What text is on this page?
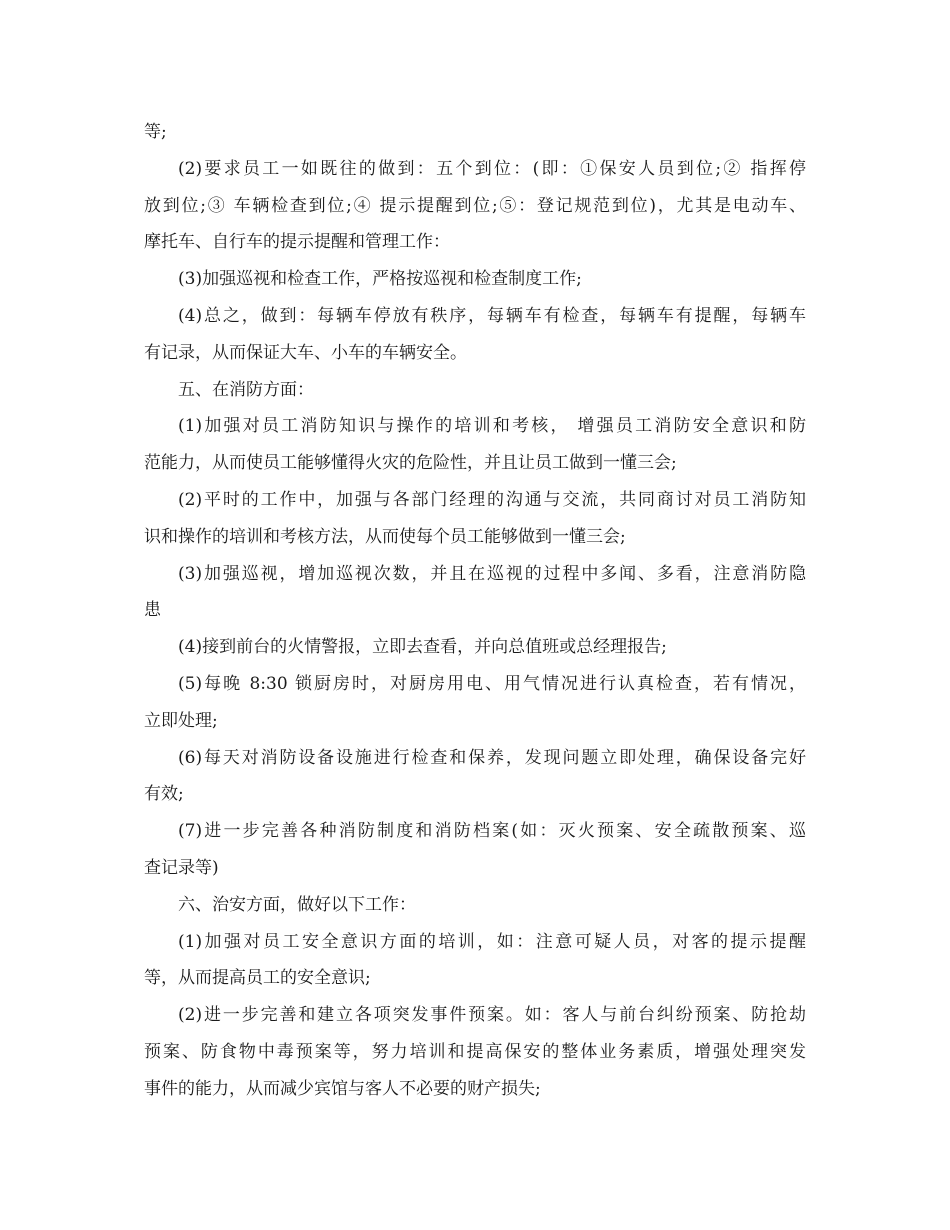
等;
(2)要求员工一如既往的做到：五个到位：(即：①保安人员到位;② 指挥停
放到位;③ 车辆检查到位;④ 提示提醒到位;⑤：登记规范到位)，尤其是电动车、
摩托车、自行车的提示提醒和管理工作：
(3)加强巡视和检查工作，严格按巡视和检查制度工作;
(4)总之，做到：每辆车停放有秩序，每辆车有检查，每辆车有提醒，每辆车
有记录，从而保证大车、小车的车辆安全。
五、在消防方面：
(1)加强对员工消防知识与操作的培训和考核， 增强员工消防安全意识和防
范能力，从而使员工能够懂得火灾的危险性，并且让员工做到一懂三会;
(2)平时的工作中，加强与各部门经理的沟通与交流，共同商讨对员工消防知
识和操作的培训和考核方法，从而使每个员工能够做到一懂三会;
(3)加强巡视，增加巡视次数，并且在巡视的过程中多闻、多看，注意消防隐
患
(4)接到前台的火情警报，立即去查看，并向总值班或总经理报告;
(5)每晚 8:30 锁厨房时，对厨房用电、用气情况进行认真检查，若有情况，
立即处理;
(6)每天对消防设备设施进行检查和保养，发现问题立即处理，确保设备完好
有效;
(7)进一步完善各种消防制度和消防档案(如：灭火预案、安全疏散预案、巡
查记录等)
六、治安方面，做好以下工作：
(1)加强对员工安全意识方面的培训，如：注意可疑人员，对客的提示提醒
等，从而提高员工的安全意识;
(2)进一步完善和建立各项突发事件预案。如：客人与前台纠纷预案、防抢劫
预案、防食物中毒预案等，努力培训和提高保安的整体业务素质，增强处理突发
事件的能力，从而减少宾馆与客人不必要的财产损失;
